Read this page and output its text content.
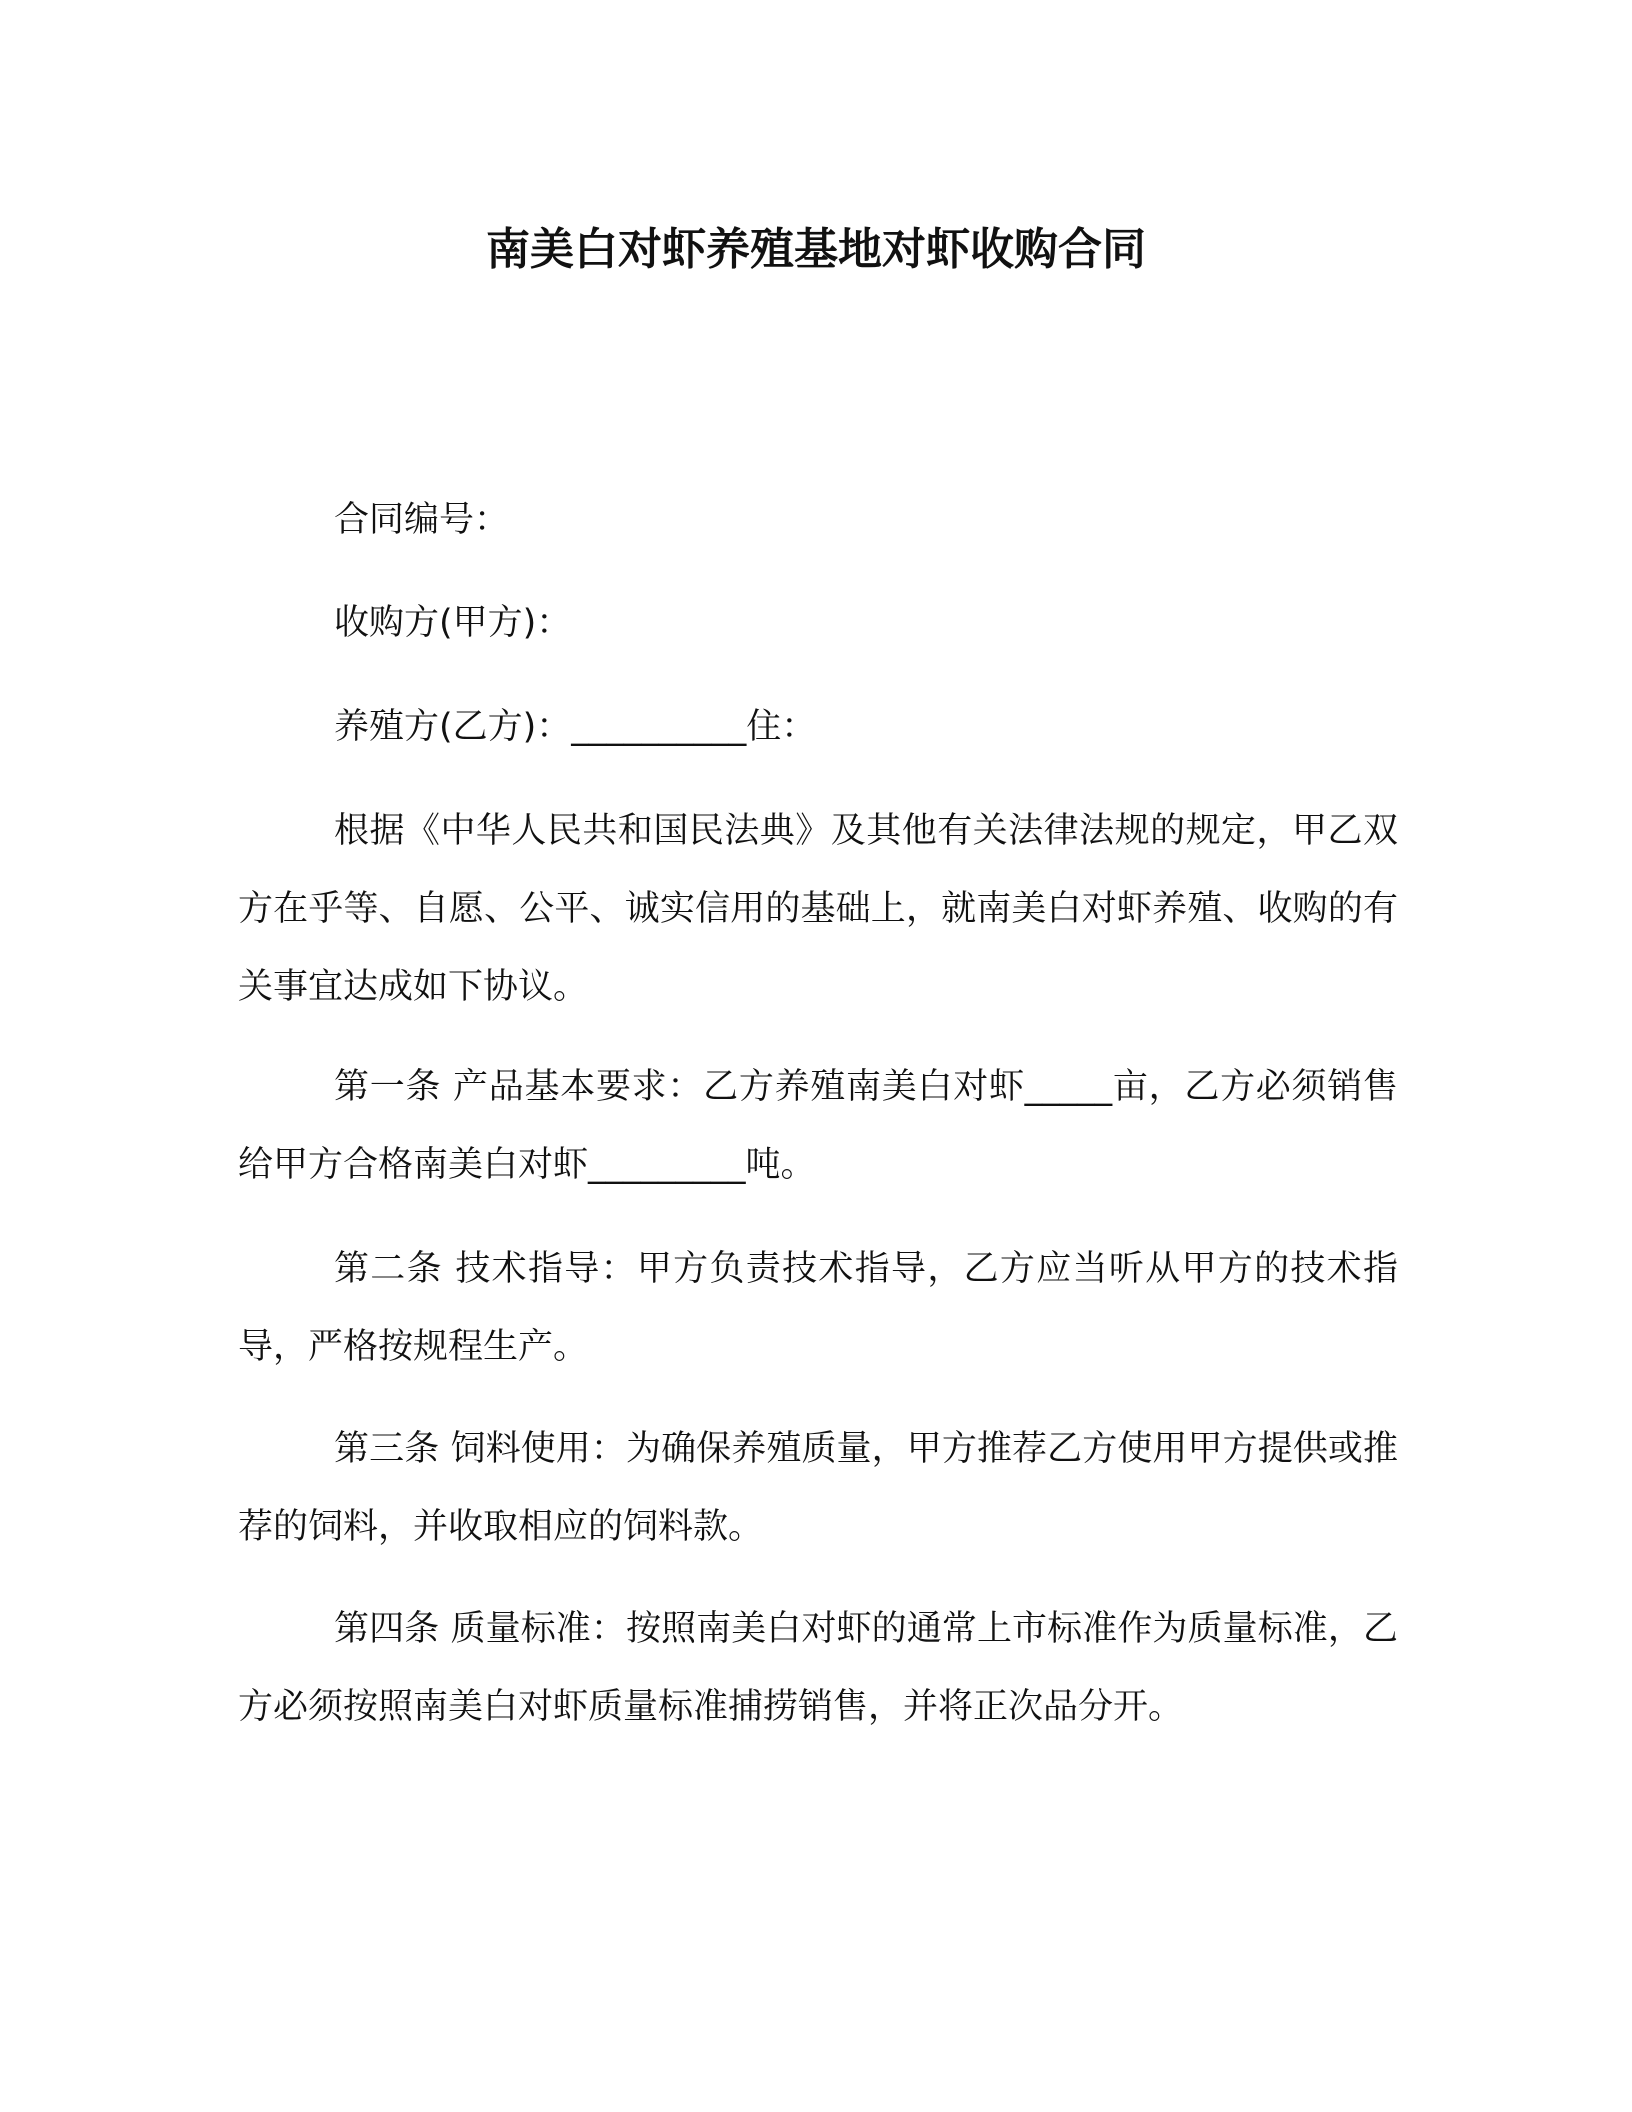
南美白对虾养殖基地对虾收购合同
合同编号：
收购方(甲方)：
养殖方(乙方)：__________住：

根据《中华人民共和国民法典》及其他有关法律法规的规定，甲乙双方在乎等、自愿、公平、诚实信用的基础上，就南美白对虾养殖、收购的有关事宜达成如下协议。

第一条 产品基本要求：乙方养殖南美白对虾_____亩，乙方必须销售给甲方合格南美白对虾_________吨。

第二条 技术指导：甲方负责技术指导，乙方应当听从甲方的技术指导，严格按规程生产。

第三条 饲料使用：为确保养殖质量，甲方推荐乙方使用甲方提供或推荐的饲料，并收取相应的饲料款。

第四条 质量标准：按照南美白对虾的通常上市标准作为质量标准，乙方必须按照南美白对虾质量标准捕捞销售，并将正次品分开。
